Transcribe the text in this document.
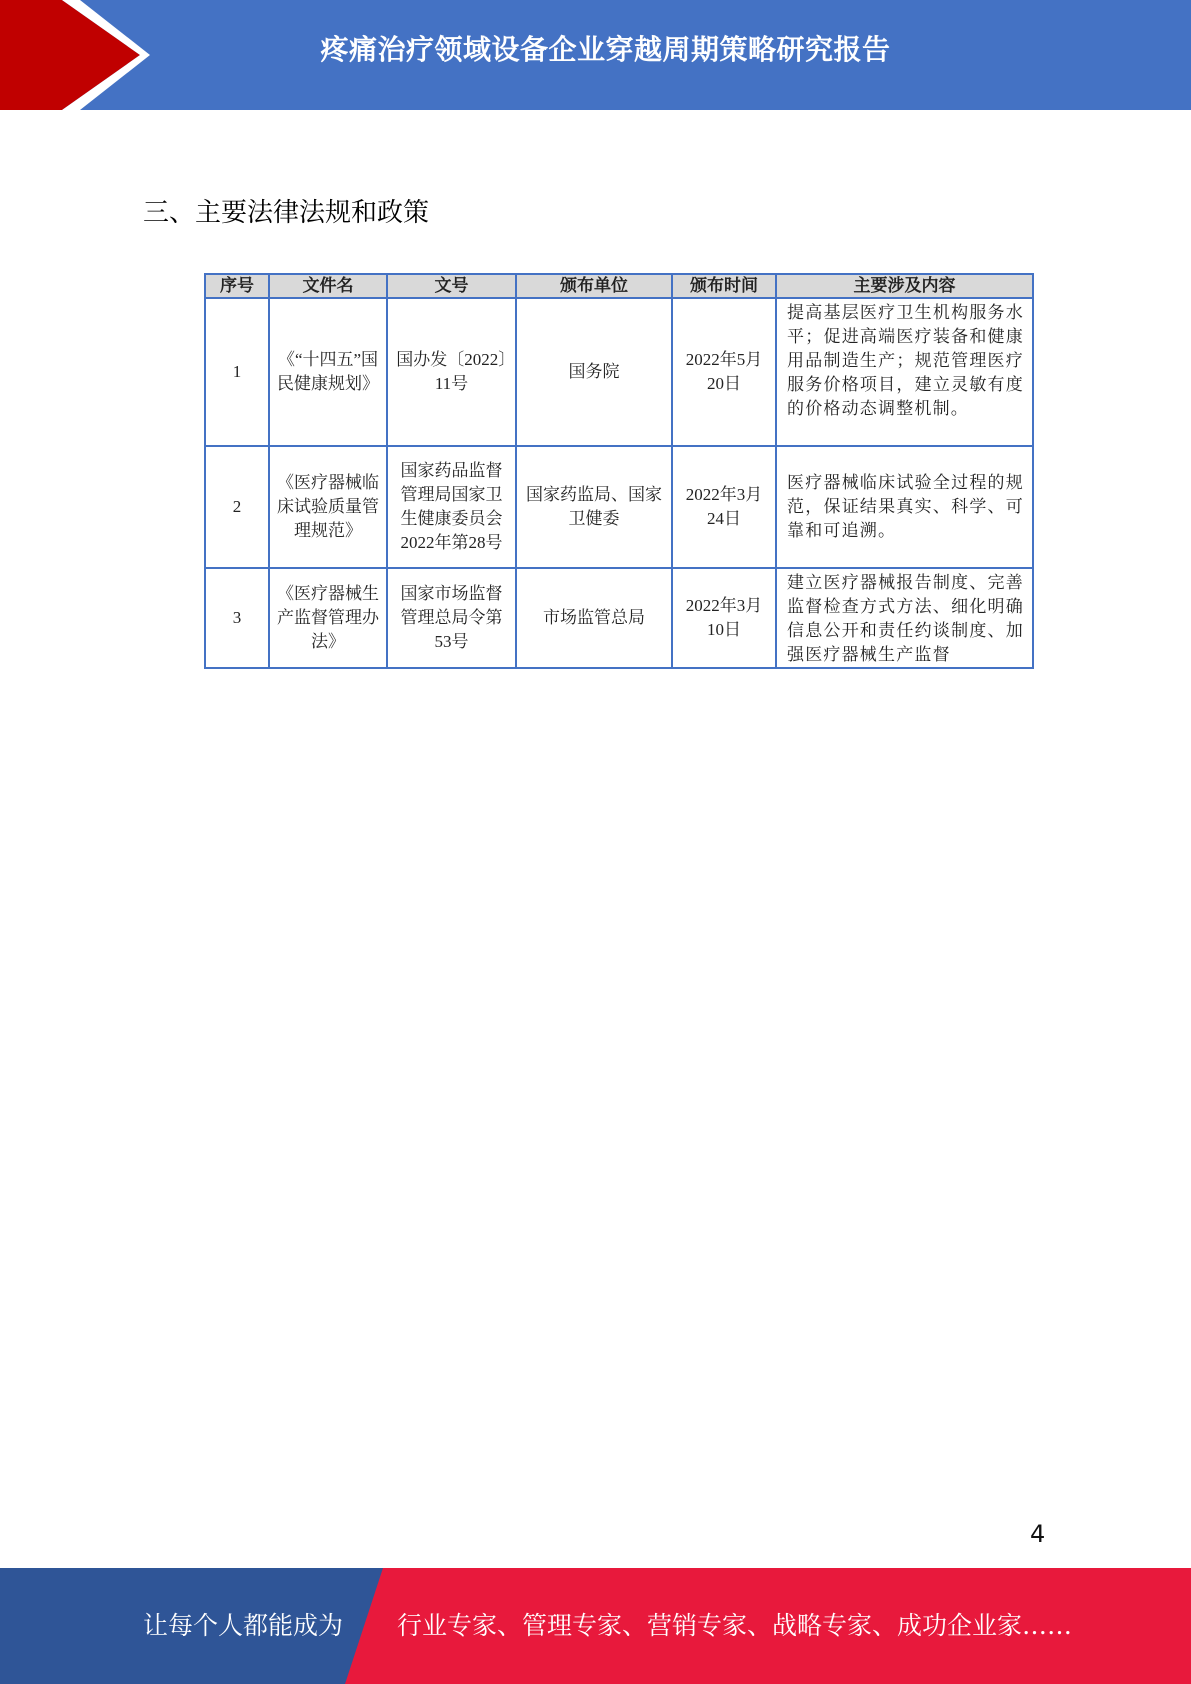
疼痛治疗领域设备企业穿越周期策略研究报告
三、主要法律法规和政策
序号	文件名	文号	颁布单位	颁布时间	主要涉及内容
1	《“十四五”国民健康规划》	国办发〔2022〕11号	国务院	2022年5月20日	提高基层医疗卫生机构服务水平；促进高端医疗装备和健康用品制造生产；规范管理医疗服务价格项目，建立灵敏有度的价格动态调整机制。
2	《医疗器械临床试验质量管理规范》	国家药品监督管理局国家卫生健康委员会2022年第28号	国家药监局、国家卫健委	2022年3月24日	医疗器械临床试验全过程的规范，保证结果真实、科学、可靠和可追溯。
3	《医疗器械生产监督管理办法》	国家市场监督管理总局令第53号	市场监管总局	2022年3月10日	建立医疗器械报告制度、完善监督检查方式方法、细化明确信息公开和责任约谈制度、加强医疗器械生产监督
4
让每个人都能成为 行业专家、管理专家、营销专家、战略专家、成功企业家……
